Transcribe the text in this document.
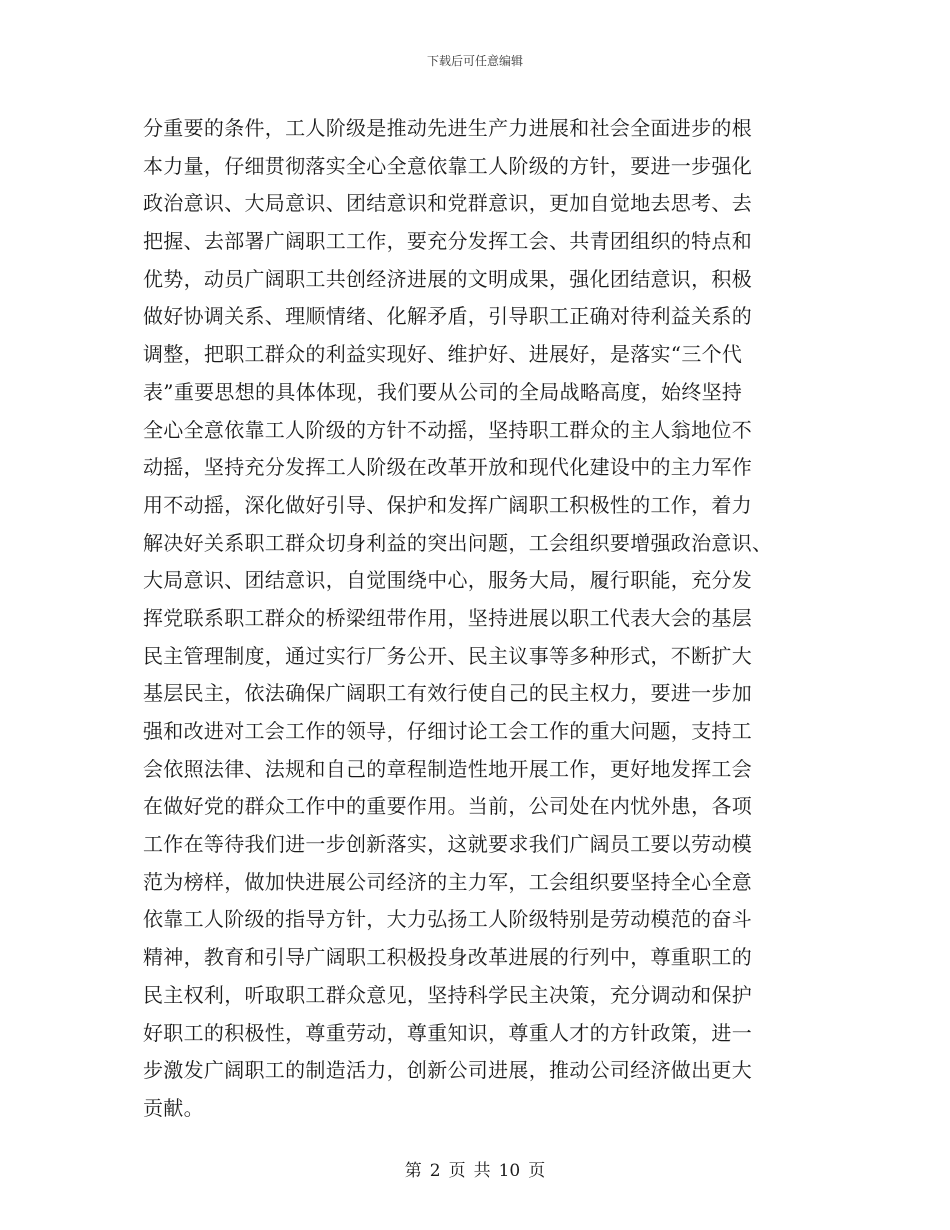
下载后可任意编辑
分重要的条件，工人阶级是推动先进生产力进展和社会全面进步的根
本力量，仔细贯彻落实全心全意依靠工人阶级的方针，要进一步强化
政治意识、大局意识、团结意识和党群意识，更加自觉地去思考、去
把握、去部署广阔职工工作，要充分发挥工会、共青团组织的特点和
优势，动员广阔职工共创经济进展的文明成果，强化团结意识，积极
做好协调关系、理顺情绪、化解矛盾，引导职工正确对待利益关系的
调整，把职工群众的利益实现好、维护好、进展好，是落实“三个代
表”重要思想的具体体现，我们要从公司的全局战略高度，始终坚持
全心全意依靠工人阶级的方针不动摇，坚持职工群众的主人翁地位不
动摇，坚持充分发挥工人阶级在改革开放和现代化建设中的主力军作
用不动摇，深化做好引导、保护和发挥广阔职工积极性的工作，着力
解决好关系职工群众切身利益的突出问题，工会组织要增强政治意识、
大局意识、团结意识，自觉围绕中心，服务大局，履行职能，充分发
挥党联系职工群众的桥梁纽带作用，坚持进展以职工代表大会的基层
民主管理制度，通过实行厂务公开、民主议事等多种形式，不断扩大
基层民主，依法确保广阔职工有效行使自己的民主权力，要进一步加
强和改进对工会工作的领导，仔细讨论工会工作的重大问题，支持工
会依照法律、法规和自己的章程制造性地开展工作，更好地发挥工会
在做好党的群众工作中的重要作用。当前，公司处在内忧外患，各项
工作在等待我们进一步创新落实，这就要求我们广阔员工要以劳动模
范为榜样，做加快进展公司经济的主力军，工会组织要坚持全心全意
依靠工人阶级的指导方针，大力弘扬工人阶级特别是劳动模范的奋斗
精神，教育和引导广阔职工积极投身改革进展的行列中，尊重职工的
民主权利，听取职工群众意见，坚持科学民主决策，充分调动和保护
好职工的积极性，尊重劳动，尊重知识，尊重人才的方针政策，进一
步激发广阔职工的制造活力，创新公司进展，推动公司经济做出更大
贡献。
第 2 页 共 10 页
